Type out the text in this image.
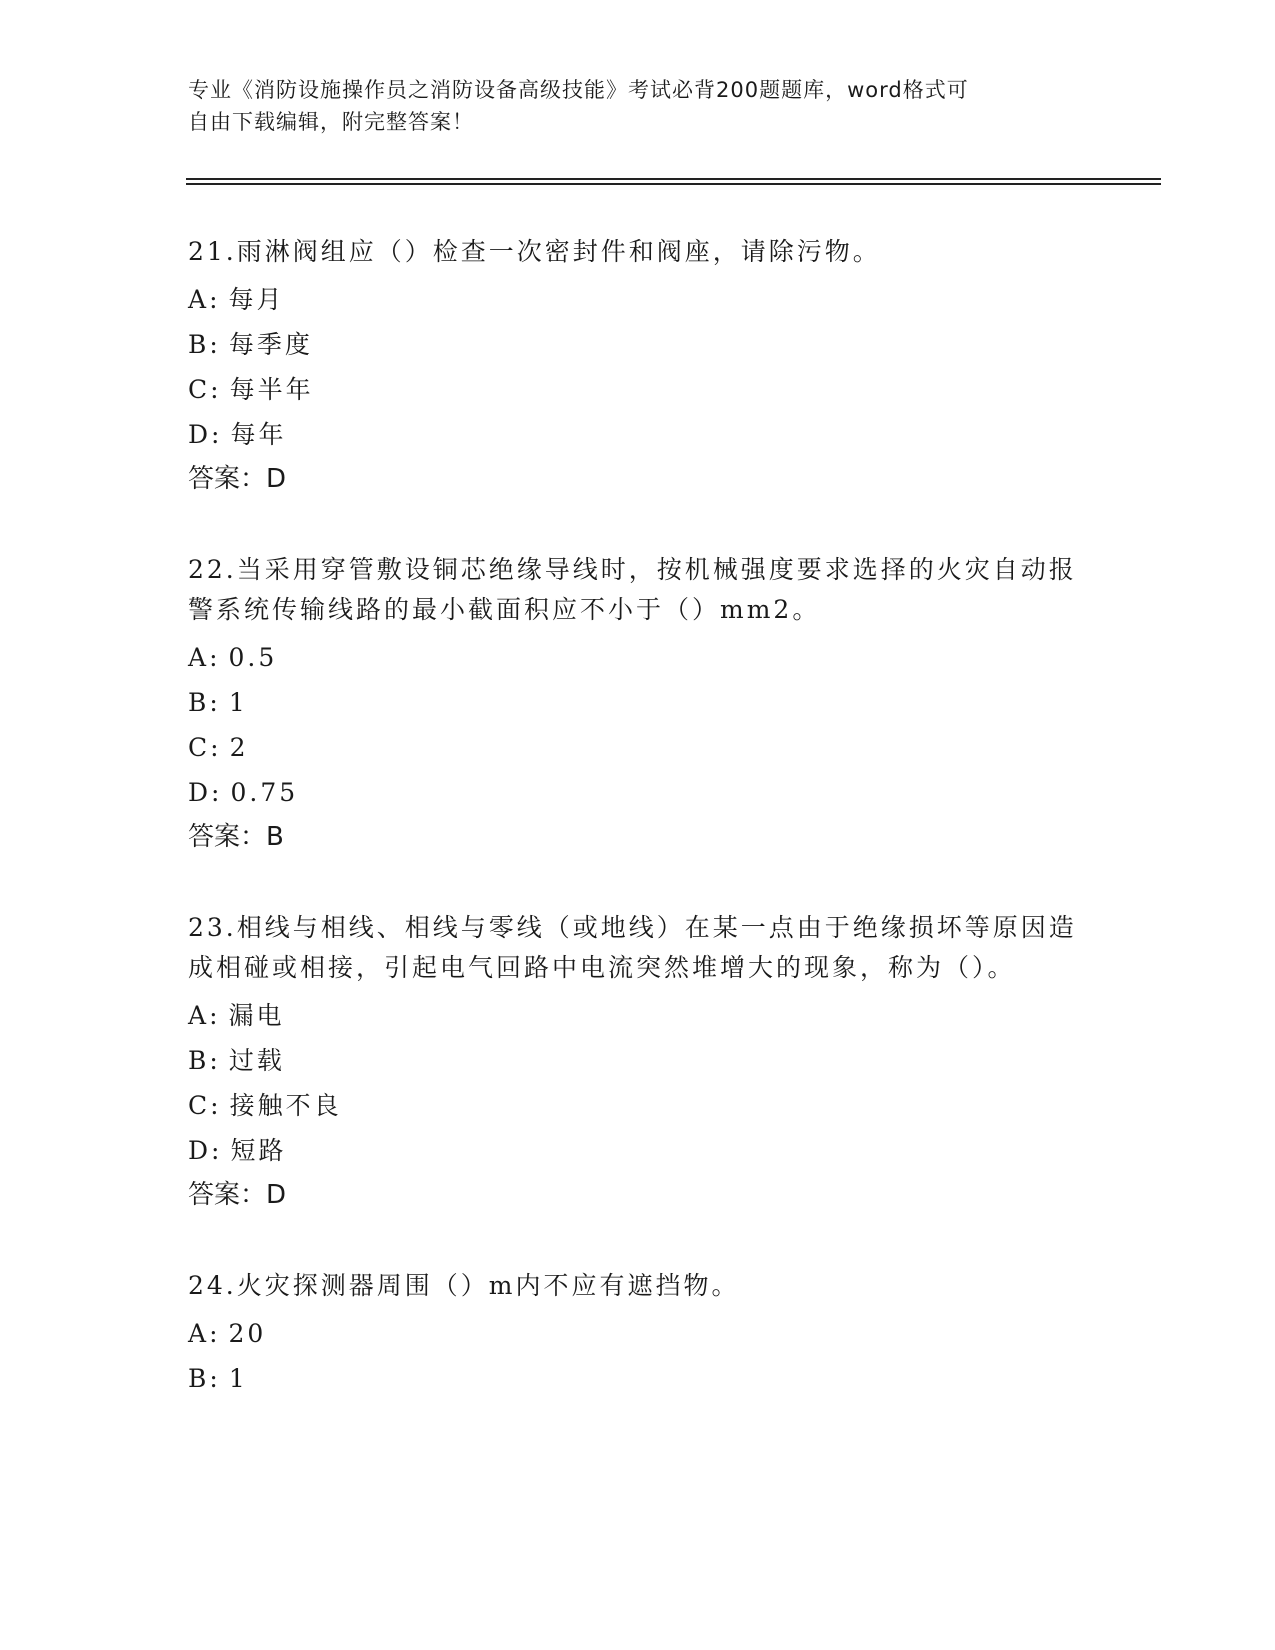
专业《消防设施操作员之消防设备高级技能》考试必背200题题库，word格式可
自由下载编辑，附完整答案！
21.雨淋阀组应（）检查一次密封件和阀座，请除污物。
A: 每月
B: 每季度
C: 每半年
D: 每年
答案：D
22.当采用穿管敷设铜芯绝缘导线时，按机械强度要求选择的火灾自动报警系统传输线路的最小截面积应不小于（）mm2。
A: 0.5
B: 1
C: 2
D: 0.75
答案：B
23.相线与相线、相线与零线（或地线）在某一点由于绝缘损坏等原因造成相碰或相接，引起电气回路中电流突然堆增大的现象，称为（）。
A: 漏电
B: 过载
C: 接触不良
D: 短路
答案：D
24.火灾探测器周围（）m内不应有遮挡物。
A: 20
B: 1
